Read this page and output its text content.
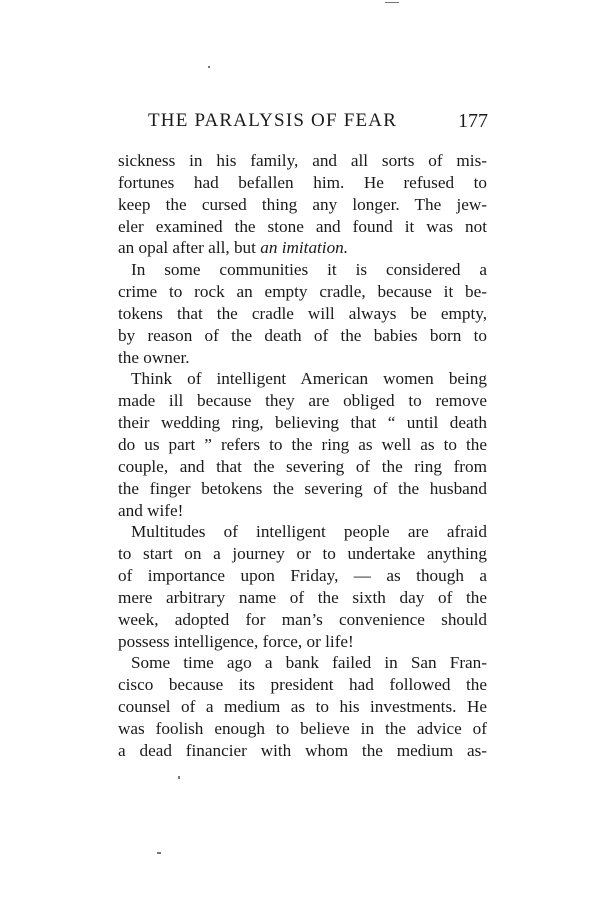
THE PARALYSIS OF FEAR	177
sickness in his family, and all sorts of mis-
fortunes had befallen him. He refused to
keep the cursed thing any longer. The jew-
eler examined the stone and found it was not
an opal after all, but an imitation.
In some communities it is considered a
crime to rock an empty cradle, because it be-
tokens that the cradle will always be empty,
by reason of the death of the babies born to
the owner.
Think of intelligent American women being
made ill because they are obliged to remove
their wedding ring, believing that “ until death
do us part ” refers to the ring as well as to the
couple, and that the severing of the ring from
the finger betokens the severing of the husband
and wife!
Multitudes of intelligent people are afraid
to start on a journey or to undertake anything
of importance upon Friday, — as though a
mere arbitrary name of the sixth day of the
week, adopted for man’s convenience should
possess intelligence, force, or life!
Some time ago a bank failed in San Fran-
cisco because its president had followed the
counsel of a medium as to his investments. He
was foolish enough to believe in the advice of
a dead financier with whom the medium as-
